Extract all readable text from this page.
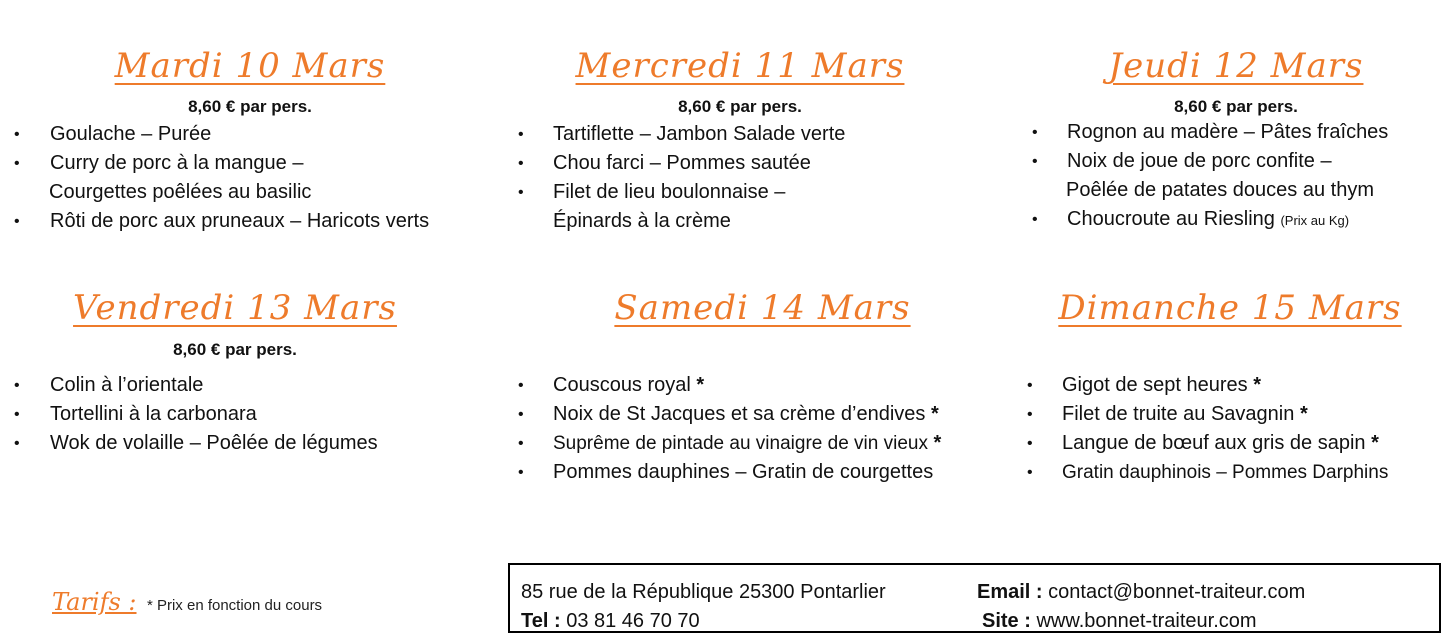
Mardi 10 Mars
8,60 € par pers.
• Goulache – Purée
• Curry de porc à la mangue –
Courgettes poêlées au basilic
• Rôti de porc aux pruneaux – Haricots verts
Mercredi 11 Mars
8,60 € par pers.
• Tartiflette – Jambon Salade verte
• Chou farci – Pommes sautée
• Filet de lieu boulonnaise –
Épinards à la crème
Jeudi 12 Mars
8,60 € par pers.
• Rognon au madère – Pâtes fraîches
• Noix de joue de porc confite –
Poêlée de patates douces au thym
• Choucroute au Riesling (Prix au Kg)
Vendredi 13 Mars
8,60 € par pers.
• Colin à l’orientale
• Tortellini à la carbonara
• Wok de volaille – Poêlée de légumes
Samedi 14 Mars
• Couscous royal *
• Noix de St Jacques et sa crème d’endives *
• Suprême de pintade au vinaigre de vin vieux *
• Pommes dauphines – Gratin de courgettes
Dimanche 15 Mars
• Gigot de sept heures *
• Filet de truite au Savagnin *
• Langue de bœuf aux gris de sapin *
• Gratin dauphinois – Pommes Darphins
Tarifs : * Prix en fonction du cours
85 rue de la République 25300 Pontarlier
Tel : 03 81 46 70 70
Email : contact@bonnet-traiteur.com
Site : www.bonnet-traiteur.com
